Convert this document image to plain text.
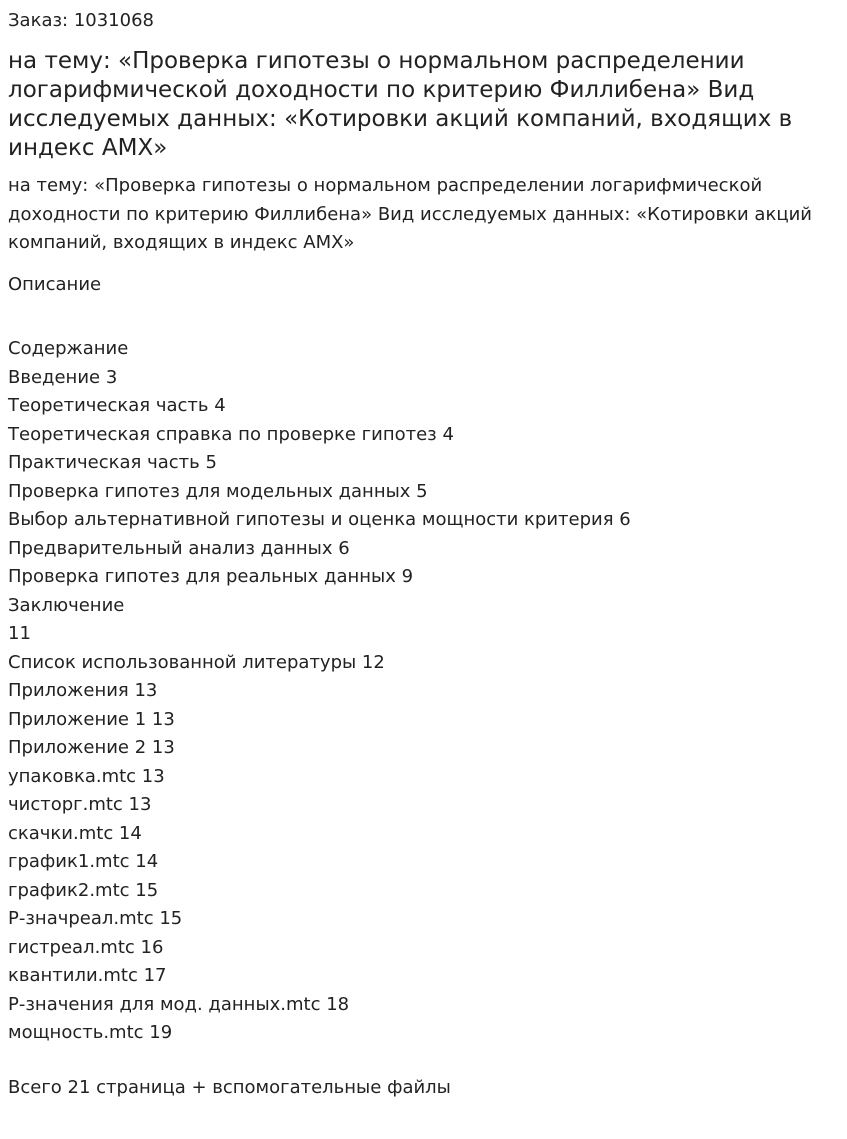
Заказ: 1031068
на тему: «Проверка гипотезы о нормальном распределении логарифмической доходности по критерию Филлибена» Вид исследуемых данных: «Котировки акций компаний, входящих в индекс AMX»

на тему: «Проверка гипотезы о нормальном распределении логарифмической доходности по критерию Филлибена» Вид исследуемых данных: «Котировки акций компаний, входящих в индекс AMX»

Описание
Содержание
Введение 3
Теоретическая часть 4
Теоретическая справка по проверке гипотез 4
Практическая часть 5
Проверка гипотез для модельных данных 5
Выбор альтернативной гипотезы и оценка мощности критерия 6
Предварительный анализ данных 6
Проверка гипотез для реальных данных 9
Заключение
11
Список использованной литературы 12
Приложения 13
Приложение 1 13
Приложение 2 13
упаковка.mtc 13
чисторг.mtc 13
скачки.mtc 14
график1.mtc 14
график2.mtc 15
Р-значреал.mtc 15
гистреал.mtc 16
квантили.mtc 17
Р-значения для мод. данных.mtc 18
мощность.mtc 19
Всего 21 страница + вспомогательные файлы
